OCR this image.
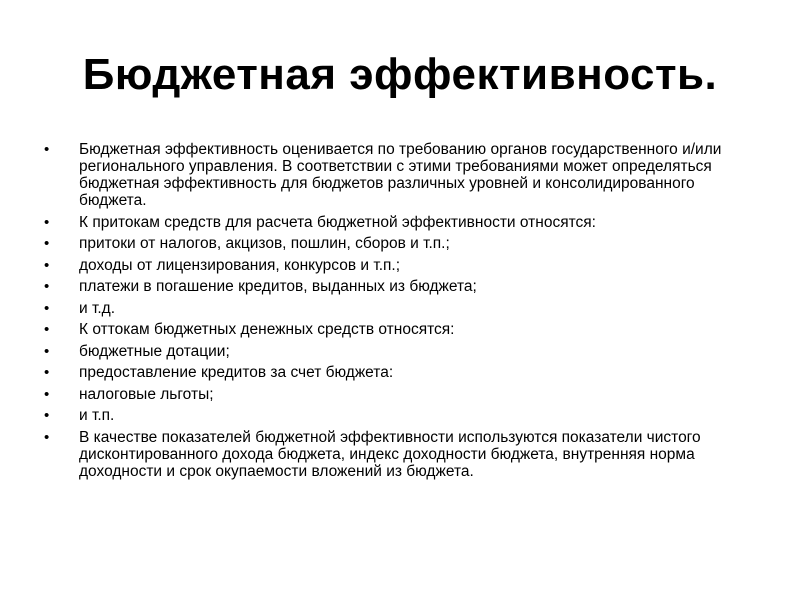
Бюджетная эффективность.
•	Бюджетная эффективность оценивается по требованию органов государственного и/или регионального управления. В соответствии с этими требованиями может определяться бюджетная эффективность для бюджетов различных уровней и консолидированного бюджета.
•	К притокам средств для расчета бюджетной эффективности относятся:
•	притоки от налогов, акцизов, пошлин, сборов и т.п.;
•	доходы от лицензирования, конкурсов и т.п.;
•	платежи в погашение кредитов, выданных из бюджета;
•	и т.д.
•	К оттокам бюджетных денежных средств относятся:
•	бюджетные дотации;
•	предоставление кредитов за счет бюджета:
•	налоговые льготы;
•	и т.п.
•	В качестве показателей бюджетной эффективности используются показатели чистого дисконтированного дохода бюджета, индекс доходности бюджета, внутренняя норма доходности и срок окупаемости вложений из бюджета.
